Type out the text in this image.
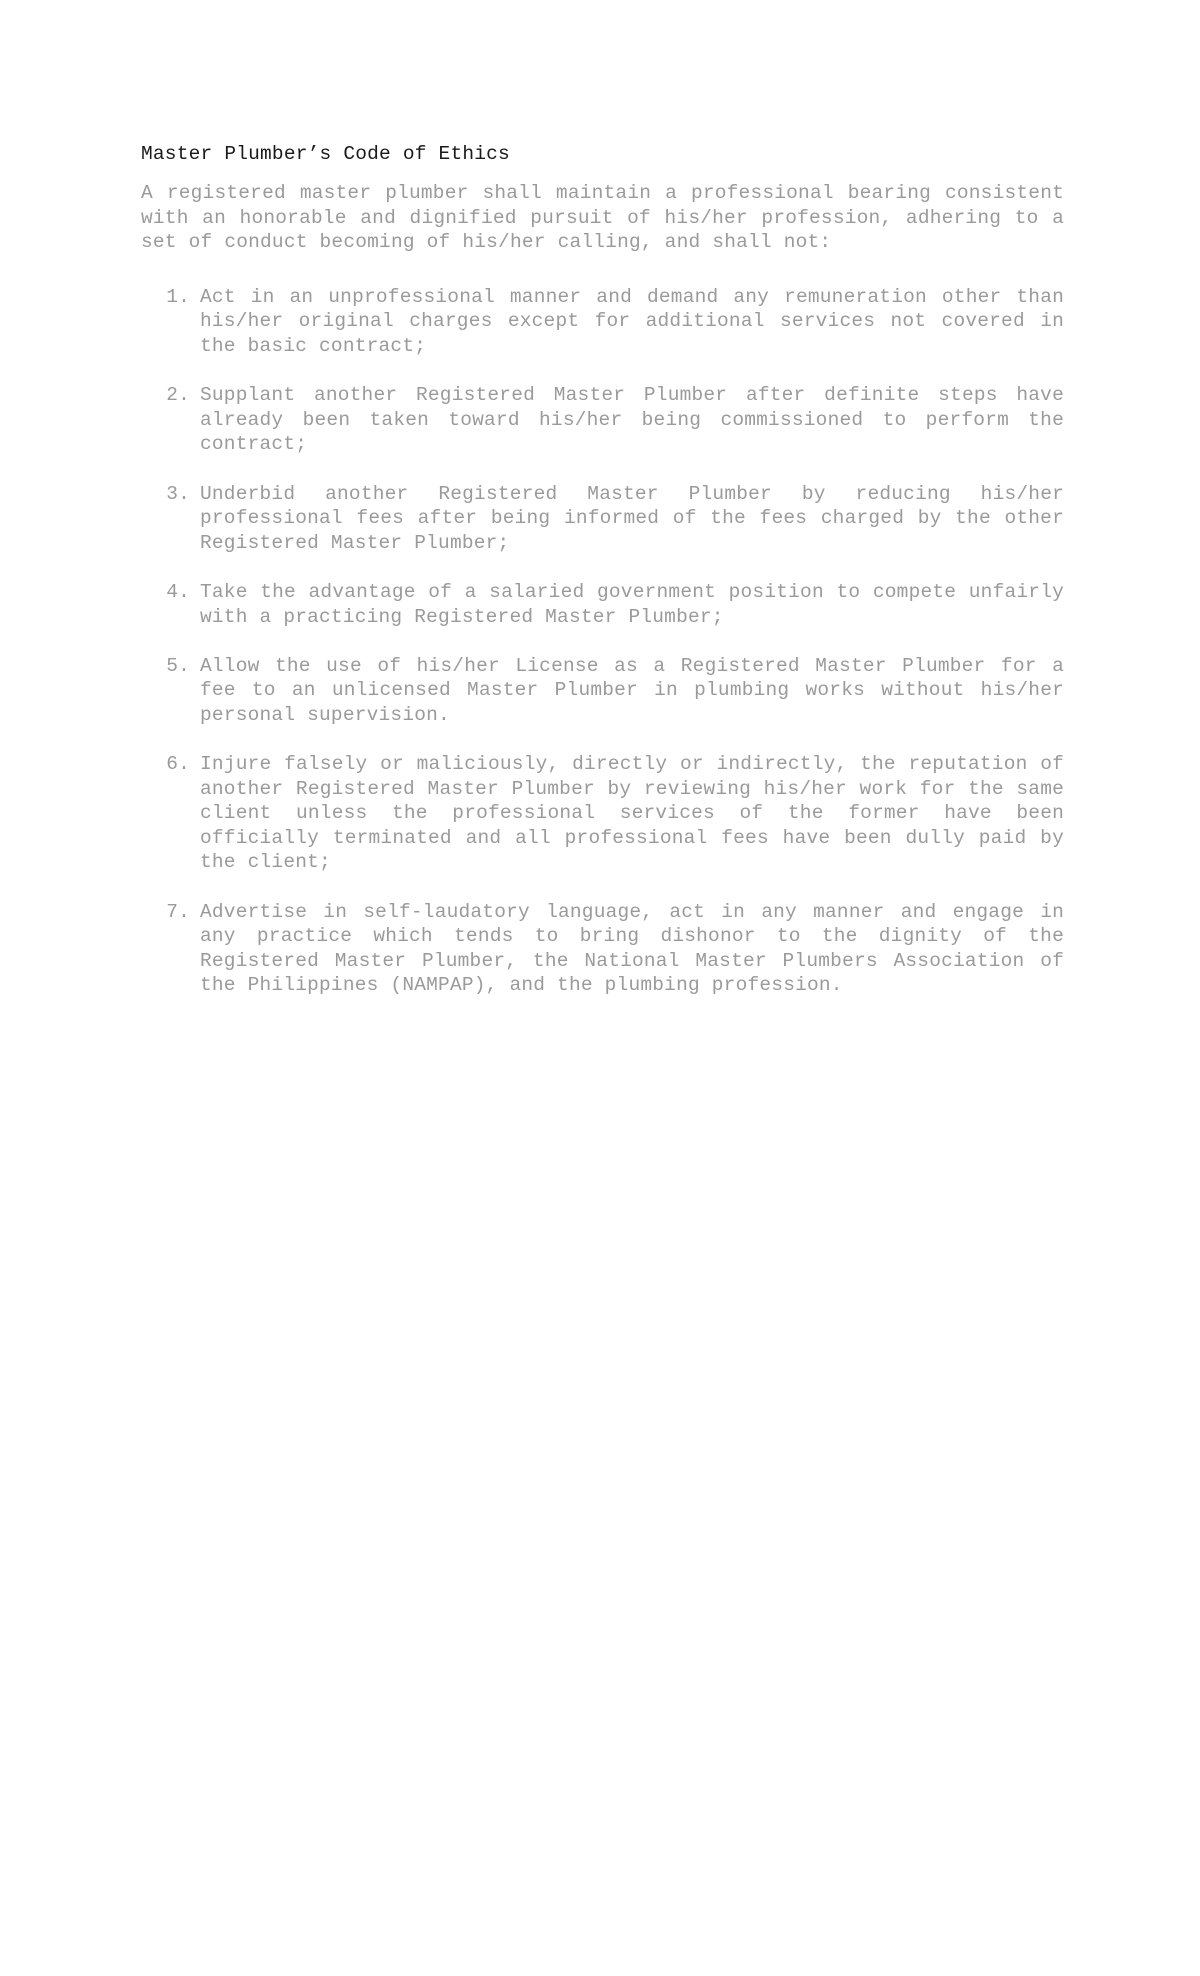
Master Plumber’s Code of Ethics

A registered master plumber shall maintain a professional bearing consistent with an honorable and dignified pursuit of his/her profession, adhering to a set of conduct becoming of his/her calling, and shall not:

1. Act in an unprofessional manner and demand any remuneration other than his/her original charges except for additional services not covered in the basic contract;
2. Supplant another Registered Master Plumber after definite steps have already been taken toward his/her being commissioned to perform the contract;
3. Underbid another Registered Master Plumber by reducing his/her professional fees after being informed of the fees charged by the other Registered Master Plumber;
4. Take the advantage of a salaried government position to compete unfairly with a practicing Registered Master Plumber;
5. Allow the use of his/her License as a Registered Master Plumber for a fee to an unlicensed Master Plumber in plumbing works without his/her personal supervision.
6. Injure falsely or maliciously, directly or indirectly, the reputation of another Registered Master Plumber by reviewing his/her work for the same client unless the professional services of the former have been officially terminated and all professional fees have been dully paid by the client;
7. Advertise in self-laudatory language, act in any manner and engage in any practice which tends to bring dishonor to the dignity of the Registered Master Plumber, the National Master Plumbers Association of the Philippines (NAMPAP), and the plumbing profession.
